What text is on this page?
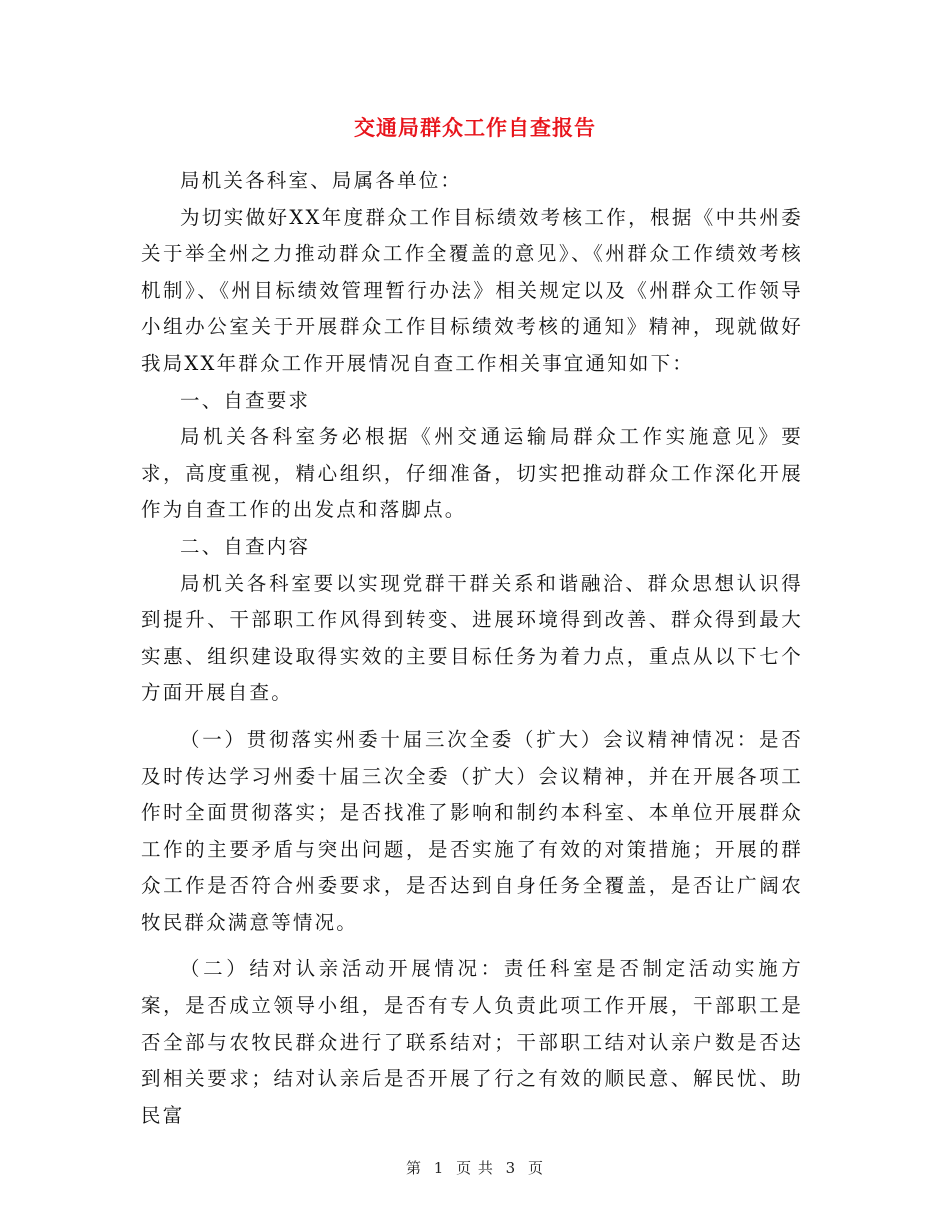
交通局群众工作自查报告

局机关各科室、局属各单位：

为切实做好XX年度群众工作目标绩效考核工作，根据《中共州委关于举全州之力推动群众工作全覆盖的意见》、《州群众工作绩效考核机制》、《州目标绩效管理暂行办法》相关规定以及《州群众工作领导小组办公室关于开展群众工作目标绩效考核的通知》精神，现就做好我局XX年群众工作开展情况自查工作相关事宜通知如下：

一、自查要求

局机关各科室务必根据《州交通运输局群众工作实施意见》要求，高度重视，精心组织，仔细准备，切实把推动群众工作深化开展作为自查工作的出发点和落脚点。

二、自查内容

局机关各科室要以实现党群干群关系和谐融洽、群众思想认识得到提升、干部职工作风得到转变、进展环境得到改善、群众得到最大实惠、组织建设取得实效的主要目标任务为着力点，重点从以下七个方面开展自查。

（一）贯彻落实州委十届三次全委（扩大）会议精神情况：是否及时传达学习州委十届三次全委（扩大）会议精神，并在开展各项工作时全面贯彻落实；是否找准了影响和制约本科室、本单位开展群众工作的主要矛盾与突出问题，是否实施了有效的对策措施；开展的群众工作是否符合州委要求，是否达到自身任务全覆盖，是否让广阔农牧民群众满意等情况。

（二）结对认亲活动开展情况：责任科室是否制定活动实施方案，是否成立领导小组，是否有专人负责此项工作开展，干部职工是否全部与农牧民群众进行了联系结对；干部职工结对认亲户数是否达到相关要求；结对认亲后是否开展了行之有效的顺民意、解民忧、助民富

第 1 页 共 3 页
